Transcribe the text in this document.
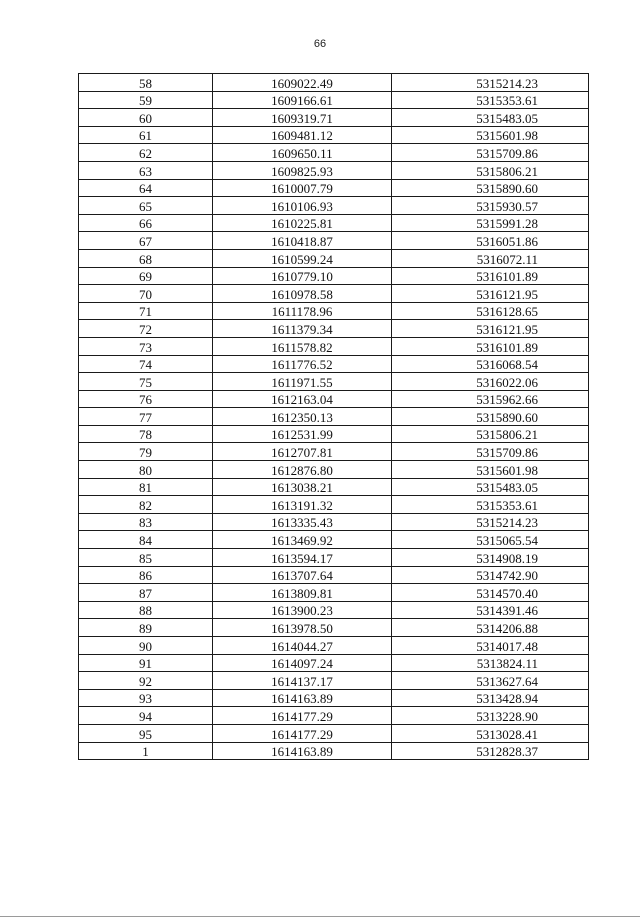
66
58	1609022.49	5315214.23
59	1609166.61	5315353.61
60	1609319.71	5315483.05
61	1609481.12	5315601.98
62	1609650.11	5315709.86
63	1609825.93	5315806.21
64	1610007.79	5315890.60
65	1610106.93	5315930.57
66	1610225.81	5315991.28
67	1610418.87	5316051.86
68	1610599.24	5316072.11
69	1610779.10	5316101.89
70	1610978.58	5316121.95
71	1611178.96	5316128.65
72	1611379.34	5316121.95
73	1611578.82	5316101.89
74	1611776.52	5316068.54
75	1611971.55	5316022.06
76	1612163.04	5315962.66
77	1612350.13	5315890.60
78	1612531.99	5315806.21
79	1612707.81	5315709.86
80	1612876.80	5315601.98
81	1613038.21	5315483.05
82	1613191.32	5315353.61
83	1613335.43	5315214.23
84	1613469.92	5315065.54
85	1613594.17	5314908.19
86	1613707.64	5314742.90
87	1613809.81	5314570.40
88	1613900.23	5314391.46
89	1613978.50	5314206.88
90	1614044.27	5314017.48
91	1614097.24	5313824.11
92	1614137.17	5313627.64
93	1614163.89	5313428.94
94	1614177.29	5313228.90
95	1614177.29	5313028.41
1	1614163.89	5312828.37
